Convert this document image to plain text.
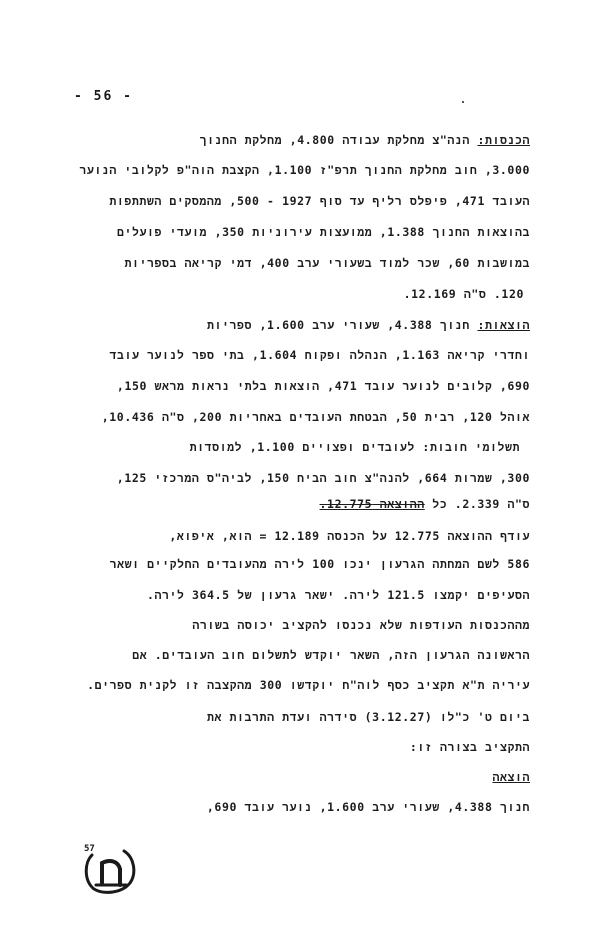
- 56 -
הכנסות: הנה"צ מחלקת עבודה 4.800, מחלקת החנוך
3.000, חוב מחלקת החנוך תרפ"ז 1.100, הקצבת הוה"פ לקלובי הנוער
העובד 471, פיפלס רליף עד סוף 1927 - 500, מהמסקים השתתפות
בהוצאות החנוך 1.388, ממועצות עירוניות 350, מועדי פועלים
במושבות 60, שכר למוד בשעורי ערב 400, דמי קריאה בספריות
120. ס"ה 12.169.
הוצאות: חנוך 4.388, שעורי ערב 1.600, ספריות
וחדרי קריאה 1.163, הנהלה ופקוח 1.604, בתי ספר לנוער עובד
690, קלובים לנוער עובד 471, הוצאות בלתי נראות מראש 150,
אוהל 120, רבית 50, הבטחת העובדים באחריות 200, ס"ה 10.436,
תשלומי חובות: לעובדים ופצויים 1.100, למוסדות
300, שמרות 664, להנה"צ חוב הביח 150, לביה"ס המרכזי 125,
ס"ה 2.339. כל ההוצאה 12.775.
עודף ההוצאה 12.775 על הכנסה 12.189 = הוא, איפוא,
586 לשם המחתה הגרעון ינכו 100 לירה מהעובדים החלקיים ושאר
הסעיפים יקמצו 121.5 לירה. ישאר גרעון של 364.5 לירה.
מההכנסות העודפות שלא נכנסו להקציב יכוסה בשורה
הראשונה הגרעון הזה, השאר יוקדש לתשלום חוב העובדים. אם
עיריה ת"א תקציב כסף לוה"ח יוקדשו 300 מהקצבה זו לקנית ספרים.
ביום ט' כ"לו (3.12.27) סידרה ועדת התרבות את
התקציב בצורה זו:
הוצאה
חנוך 4.388, שעורי ערב 1.600, נוער עובד 690,
57
